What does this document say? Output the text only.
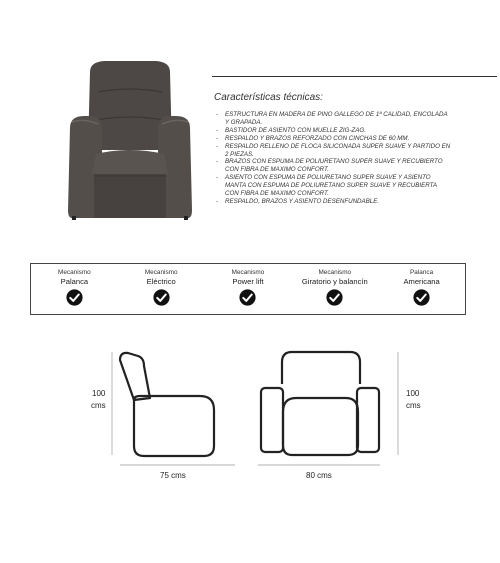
Características técnicas:
- ESTRUCTURA EN MADERA DE PINO GALLEGO DE 1ª CALIDAD, ENCOLADA Y GRAPADA.
- BASTIDOR DE ASIENTO CON MUELLE ZIG-ZAG.
- RESPALDO Y BRAZOS REFORZADO CON CINCHAS DE 60 MM.
- RESPALDO RELLENO DE FLOCA SILICONADA SUPER SUAVE Y PARTIDO EN 2 PIEZAS.
- BRAZOS CON ESPUMA DE POLIURETANO SUPER SUAVE Y RECUBIERTO CON FIBRA DE MAXIMO CONFORT.
- ASIENTO CON ESPUMA DE POLIURETANO SUPER SUAVE Y ASIENTO MANTA CON ESPUMA DE POLIURETANO SUPER SUAVE Y RECUBIERTA CON FIBRA DE MAXIMO CONFORT.
- RESPALDO, BRAZOS Y ASIENTO DESENFUNDABLE.
Mecanismo
Palanca
Mecanismo
Eléctrico
Mecanismo
Power lift
Mecanismo
Giratorio y balancín
Palanca
Americana
100
cms
75 cms
100
cms
80 cms
